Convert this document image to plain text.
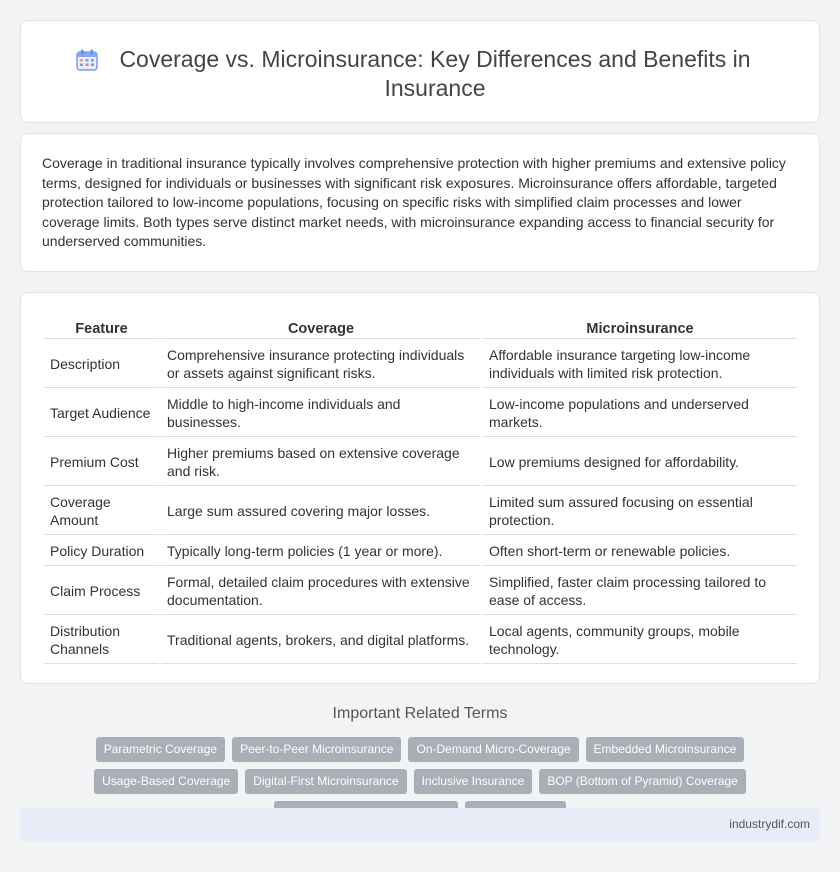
Coverage vs. Microinsurance: Key Differences and Benefits in Insurance

Coverage in traditional insurance typically involves comprehensive protection with higher premiums and extensive policy terms, designed for individuals or businesses with significant risk exposures. Microinsurance offers affordable, targeted protection tailored to low-income populations, focusing on specific risks with simplified claim processes and lower coverage limits. Both types serve distinct market needs, with microinsurance expanding access to financial security for underserved communities.

Feature	Coverage	Microinsurance
Description	Comprehensive insurance protecting individuals or assets against significant risks.	Affordable insurance targeting low-income individuals with limited risk protection.
Target Audience	Middle to high-income individuals and businesses.	Low-income populations and underserved markets.
Premium Cost	Higher premiums based on extensive coverage and risk.	Low premiums designed for affordability.
Coverage Amount	Large sum assured covering major losses.	Limited sum assured focusing on essential protection.
Policy Duration	Typically long-term policies (1 year or more).	Often short-term or renewable policies.
Claim Process	Formal, detailed claim procedures with extensive documentation.	Simplified, faster claim processing tailored to ease of access.
Distribution Channels	Traditional agents, brokers, and digital platforms.	Local agents, community groups, mobile technology.
Important Related Terms
Parametric Coverage	Peer-to-Peer Microinsurance	On-Demand Micro-Coverage	Embedded Microinsurance
Usage-Based Coverage	Digital-First Microinsurance	Inclusive Insurance	BOP (Bottom of Pyramid) Coverage
industrydif.com
